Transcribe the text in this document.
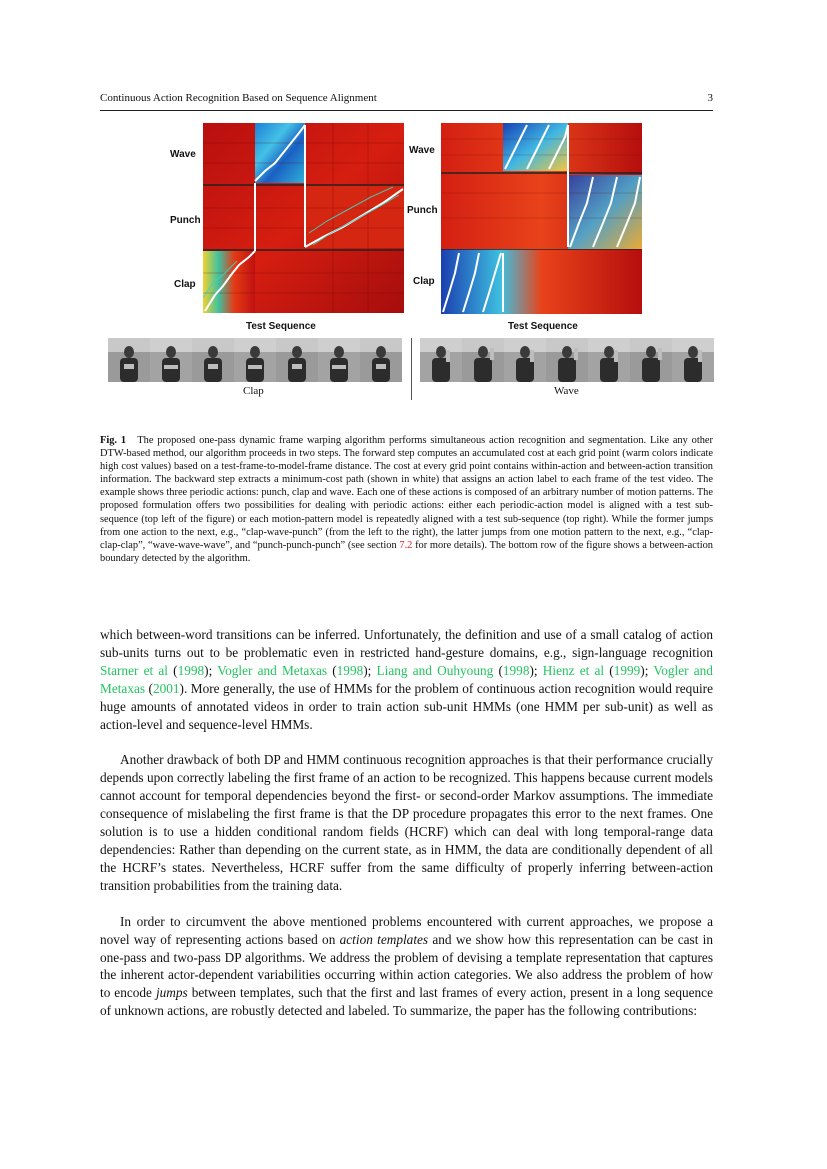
Continuous Action Recognition Based on Sequence Alignment	3
Wave
Punch
Clap
Wave
Punch
Clap
Test Sequence	Test Sequence
Clap	Wave
Fig. 1 The proposed one-pass dynamic frame warping algorithm performs simultaneous action recognition and segmentation. Like any other DTW-based method, our algorithm proceeds in two steps. The forward step computes an accumulated cost at each grid point (warm colors indicate high cost values) based on a test-frame-to-model-frame distance. The cost at every grid point contains within-action and between-action transition information. The backward step extracts a minimum-cost path (shown in white) that assigns an action label to each frame of the test video. The example shows three periodic actions: punch, clap and wave. Each one of these actions is composed of an arbitrary number of motion patterns. The proposed formulation offers two possibilities for dealing with periodic actions: either each periodic-action model is aligned with a test sub-sequence (top left of the figure) or each motion-pattern model is repeatedly aligned with a test sub-sequence (top right). While the former jumps from one action to the next, e.g., “clap-wave-punch” (from the left to the right), the latter jumps from one motion pattern to the next, e.g., “clap-clap-clap”, “wave-wave-wave”, and “punch-punch-punch” (see section 7.2 for more details). The bottom row of the figure shows a between-action boundary detected by the algorithm.

which between-word transitions can be inferred. Unfortunately, the definition and use of a small catalog of action sub-units turns out to be problematic even in restricted hand-gesture domains, e.g., sign-language recognition Starner et al (1998); Vogler and Metaxas (1998); Liang and Ouhyoung (1998); Hienz et al (1999); Vogler and Metaxas (2001). More generally, the use of HMMs for the problem of continuous action recognition would require huge amounts of annotated videos in order to train action sub-unit HMMs (one HMM per sub-unit) as well as action-level and sequence-level HMMs.

Another drawback of both DP and HMM continuous recognition approaches is that their performance crucially depends upon correctly labeling the first frame of an action to be recognized. This happens because current models cannot account for temporal dependencies beyond the first- or second-order Markov assumptions. The immediate consequence of mislabeling the first frame is that the DP procedure propagates this error to the next frames. One solution is to use a hidden conditional random fields (HCRF) which can deal with long temporal-range data dependencies: Rather than depending on the current state, as in HMM, the data are conditionally dependent of all the HCRF’s states. Nevertheless, HCRF suffer from the same difficulty of properly inferring between-action transition probabilities from the training data.

In order to circumvent the above mentioned problems encountered with current approaches, we propose a novel way of representing actions based on action templates and we show how this representation can be cast in one-pass and two-pass DP algorithms. We address the problem of devising a template representation that captures the inherent actor-dependent variabilities occurring within action categories. We also address the problem of how to encode jumps between templates, such that the first and last frames of every action, present in a long sequence of unknown actions, are robustly detected and labeled. To summarize, the paper has the following contributions:
